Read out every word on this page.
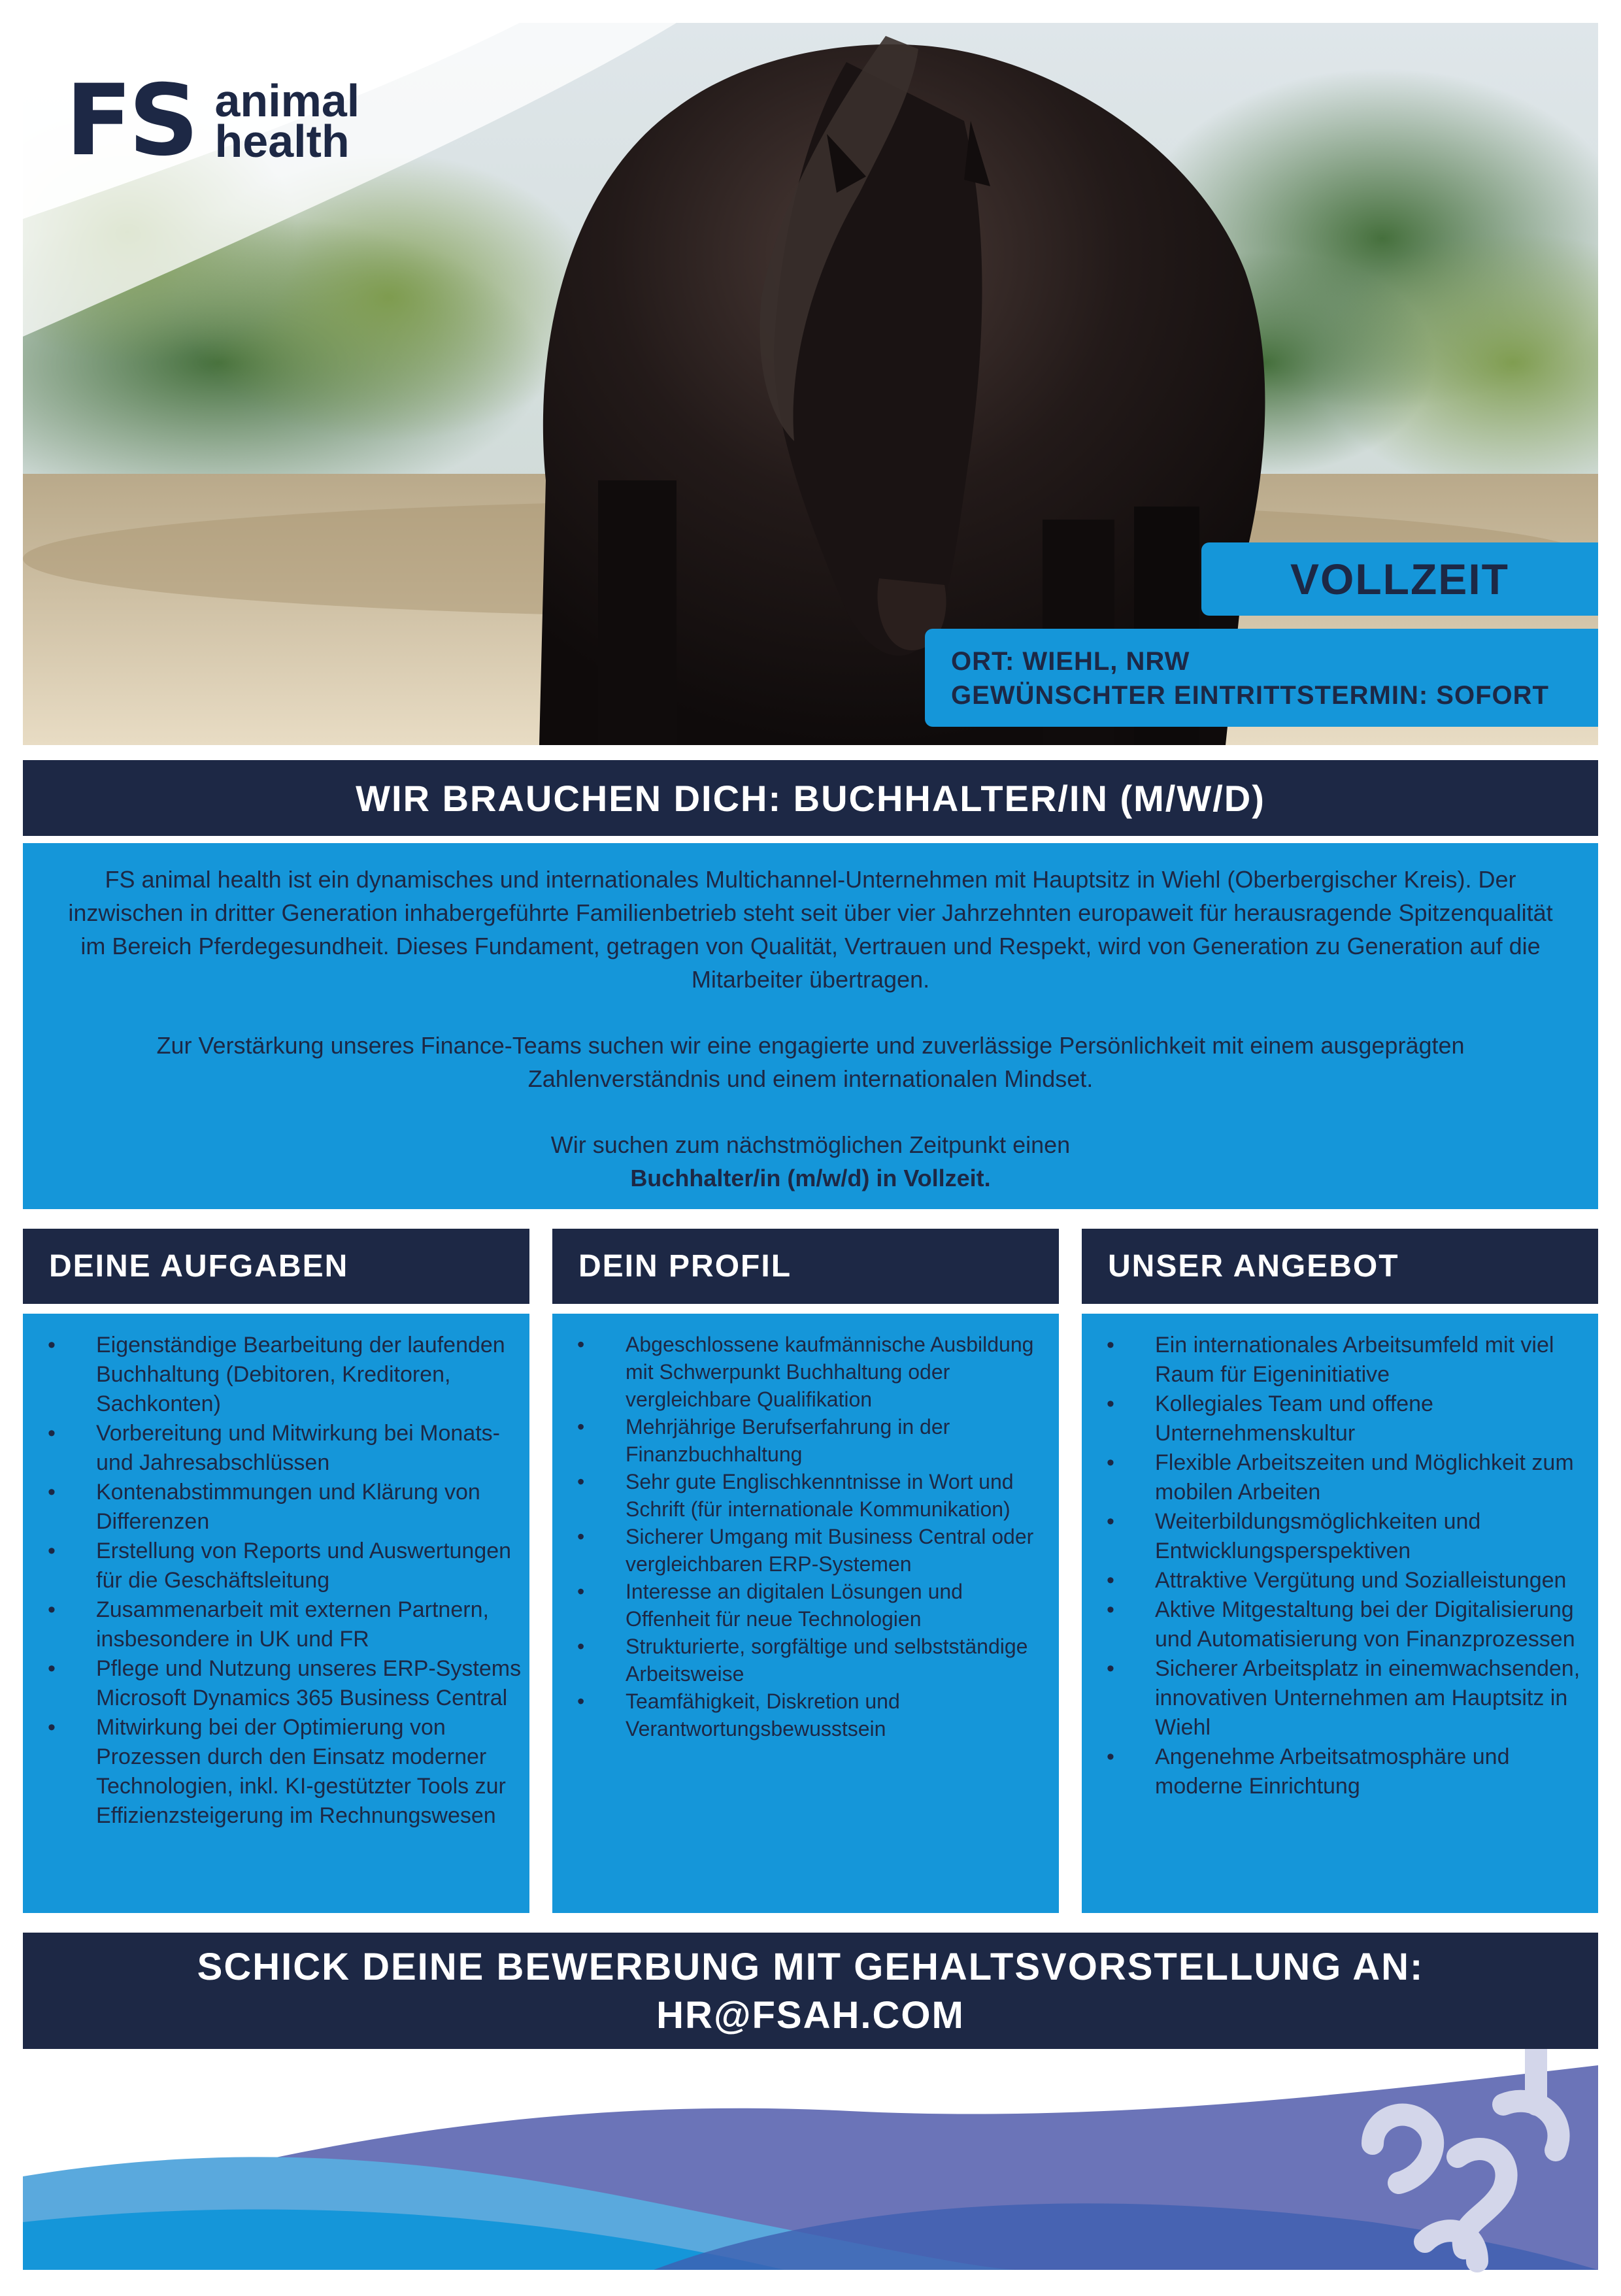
FS animal
health
VOLLZEIT
ORT: WIEHL, NRW
GEWÜNSCHTER EINTRITTSTERMIN: SOFORT
WIR BRAUCHEN DICH: BUCHHALTER/IN (M/W/D)

FS animal health ist ein dynamisches und internationales Multichannel-Unternehmen mit Hauptsitz in Wiehl (Oberbergischer Kreis). Der inzwischen in dritter Generation inhabergeführte Familienbetrieb steht seit über vier Jahrzehnten europaweit für herausragende Spitzenqualität im Bereich Pferdegesundheit. Dieses Fundament, getragen von Qualität, Vertrauen und Respekt, wird von Generation zu Generation auf die Mitarbeiter übertragen.

Zur Verstärkung unseres Finance-Teams suchen wir eine engagierte und zuverlässige Persönlichkeit mit einem ausgeprägten Zahlenverständnis und einem internationalen Mindset.

Wir suchen zum nächstmöglichen Zeitpunkt einen

Buchhalter/in (m/w/d) in Vollzeit.

DEINE AUFGABEN	DEIN PROFIL	UNSER ANGEBOT
• Eigenständige Bearbeitung der laufenden Buchhaltung (Debitoren, Kreditoren, Sachkonten)
• Vorbereitung und Mitwirkung bei Monats- und Jahresabschlüssen
• Kontenabstimmungen und Klärung von Differenzen
• Erstellung von Reports und Auswertungen für die Geschäftsleitung
• Zusammenarbeit mit externen Partnern, insbesondere in UK und FR
• Pflege und Nutzung unseres ERP-Systems Microsoft Dynamics 365 Business Central
• Mitwirkung bei der Optimierung von Prozessen durch den Einsatz moderner Technologien, inkl. KI-gestützter Tools zur Effizienzsteigerung im Rechnungswesen
• Abgeschlossene kaufmännische Ausbildung mit Schwerpunkt Buchhaltung oder vergleichbare Qualifikation
• Mehrjährige Berufserfahrung in der Finanzbuchhaltung
• Sehr gute Englischkenntnisse in Wort und Schrift (für internationale Kommunikation)
• Sicherer Umgang mit Business Central oder vergleichbaren ERP-Systemen
• Interesse an digitalen Lösungen und Offenheit für neue Technologien
• Strukturierte, sorgfältige und selbstständige Arbeitsweise
• Teamfähigkeit, Diskretion und Verantwortungsbewusstsein
• Ein internationales Arbeitsumfeld mit viel Raum für Eigeninitiative
• Kollegiales Team und offene Unternehmenskultur
• Flexible Arbeitszeiten und Möglichkeit zum mobilen Arbeiten
• Weiterbildungsmöglichkeiten und Entwicklungsperspektiven
• Attraktive Vergütung und Sozialleistungen
• Aktive Mitgestaltung bei der Digitalisierung und Automatisierung von Finanzprozessen
• Sicherer Arbeitsplatz in einemwachsenden, innovativen Unternehmen am Hauptsitz in Wiehl
• Angenehme Arbeitsatmosphäre und moderne Einrichtung
SCHICK DEINE BEWERBUNG MIT GEHALTSVORSTELLUNG AN:
HR@FSAH.COM
